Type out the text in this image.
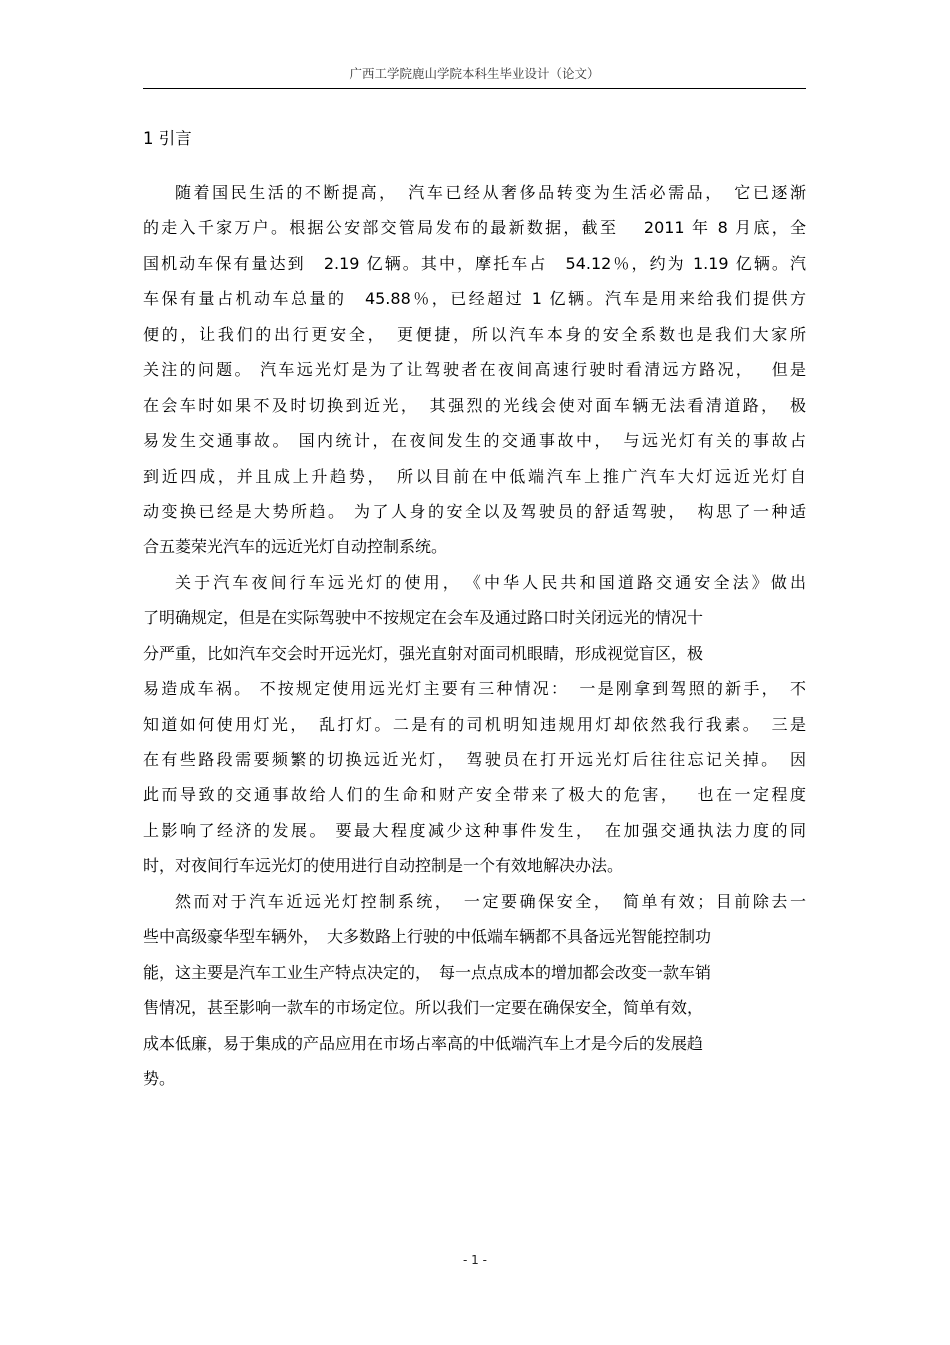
广西工学院鹿山学院本科生毕业设计（论文）
1 引言
随着国民生活的不断提高，　汽车已经从奢侈品转变为生活必需品，　它已逐渐
的走入千家万户。根据公安部交管局发布的最新数据，截至　 2011 年 8 月底，全
国机动车保有量达到　2.19 亿辆。其中，摩托车占　54.12％，约为 1.19 亿辆。汽
车保有量占机动车总量的　45.88％，已经超过 1 亿辆。汽车是用来给我们提供方
便的，让我们的出行更安全，　更便捷，所以汽车本身的安全系数也是我们大家所
关注的问题。 汽车远光灯是为了让驾驶者在夜间高速行驶时看清远方路况，　 但是
在会车时如果不及时切换到近光，　其强烈的光线会使对面车辆无法看清道路，　极
易发生交通事故。 国内统计，在夜间发生的交通事故中，　与远光灯有关的事故占
到近四成，并且成上升趋势，　所以目前在中低端汽车上推广汽车大灯远近光灯自
动变换已经是大势所趋。 为了人身的安全以及驾驶员的舒适驾驶，　构思了一种适
合五菱荣光汽车的远近光灯自动控制系统。
关于汽车夜间行车远光灯的使用，　《中华人民共和国道路交通安全法》做出
了明确规定，但是在实际驾驶中不按规定在会车及通过路口时关闭远光的情况十
分严重，比如汽车交会时开远光灯，强光直射对面司机眼睛，形成视觉盲区，极
易造成车祸。 不按规定使用远光灯主要有三种情况：　一是刚拿到驾照的新手，　不
知道如何使用灯光，　乱打灯。二是有的司机明知违规用灯却依然我行我素。　三是
在有些路段需要频繁的切换远近光灯，　驾驶员在打开远光灯后往往忘记关掉。　因
此而导致的交通事故给人们的生命和财产安全带来了极大的危害，　 也在一定程度
上影响了经济的发展。 要最大程度减少这种事件发生，　在加强交通执法力度的同
时，对夜间行车远光灯的使用进行自动控制是一个有效地解决办法。
然而对于汽车近远光灯控制系统，　一定要确保安全，　简单有效；目前除去一
些中高级豪华型车辆外，　大多数路上行驶的中低端车辆都不具备远光智能控制功
能，这主要是汽车工业生产特点决定的，　每一点点成本的增加都会改变一款车销
售情况，甚至影响一款车的市场定位。所以我们一定要在确保安全，简单有效，
成本低廉，易于集成的产品应用在市场占率高的中低端汽车上才是今后的发展趋
势。
- 1 -
